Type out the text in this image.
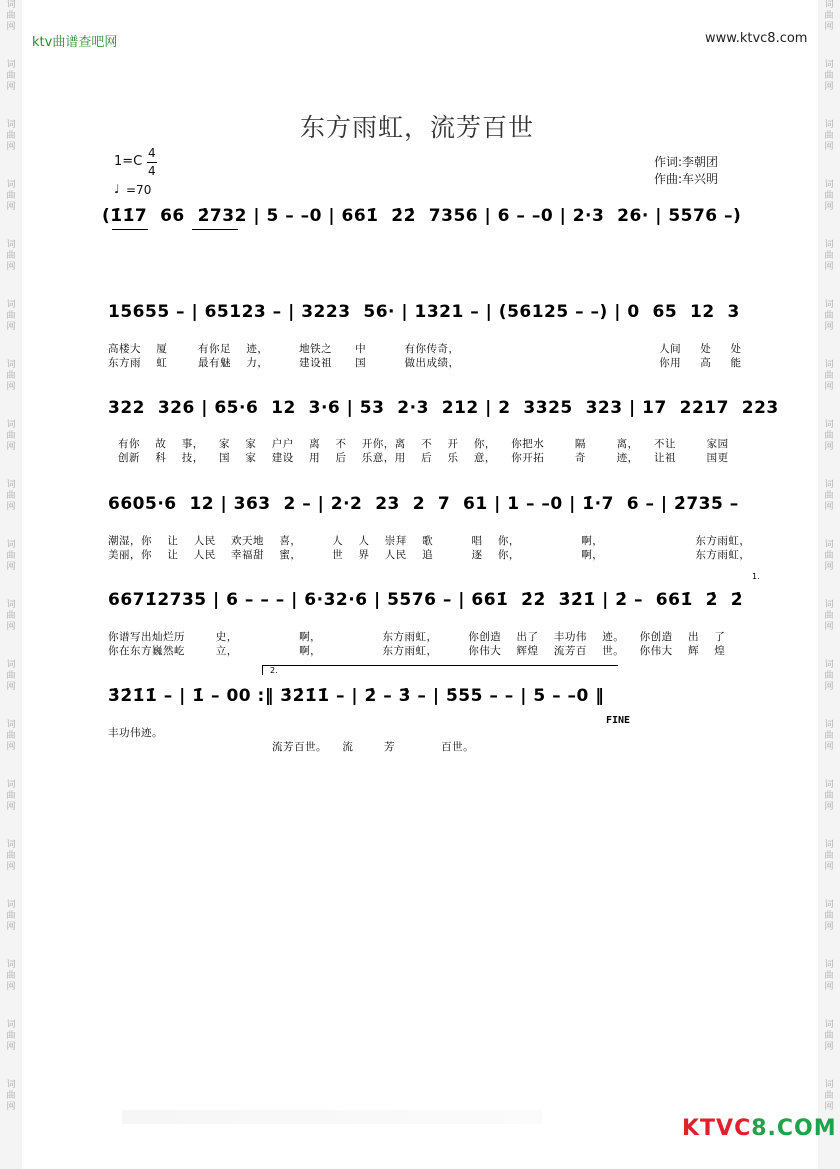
词
曲
网
词
曲
网
词
曲
网
词
曲
网
词
曲
网
词
曲
网
词
曲
网
词
曲
网
词
曲
网
词
曲
网
词
曲
网
词
曲
网
词
曲
网
词
曲
网
词
曲
网
词
曲
网
词
曲
网
词
曲
网
词
曲
网
词
曲
网
词
曲
网
词
曲
网
词
曲
网
词
曲
网
词
曲
网
词
曲
网
词
曲
网
词
曲
网
词
曲
网
词
曲
网
词
曲
网
词
曲
网
词
曲
网
词
曲
网
词
曲
网
词
曲
网
词
曲
网
词
曲
网
ktv曲谱查吧网	www.ktvc8.com
东方雨虹，流芳百世
1=C
4
4
♩ =70
作词:李朝团
作曲:车兴明
(1̇1̇7  66  2̇732 | 5 – –0 | 661̇  2̇2̇  7356 | 6 – –0 | 2·3  26· | 5576 –)
15655 – | 65123 – | 3223  56· | 1321 – | (56125 – –) | 0  65  12  3
高楼大    厦        有你足    迹，        地铁之      中          有你传奇，                                                    人间     处     处
东方雨    虹        最有魅    力，        建设祖      国          做出成绩，                                                    你用     高     能
322  326 | 65·6  12  3·6 | 53  2·3  212 | 2  3325  323 | 17  2217  223
有你    故    事，    家    家    户户    离    不    开你，离    不    开    你，    你把水        隔        离，    不让        家园
创新    科    技，    国    家    建设    用    后    乐意，用    后    乐    意，    你开拓        奇        迹，    让祖        国更
6605·6  12 | 363  2 – | 2·2  23  2  7  61 | 1 – –0 | 1̇·7  6 – | 2̇735 –
潮湿，你    让    人民    欢天地    喜，        人    人    崇拜    歌          唱    你，                啊，                        东方雨虹，
美丽，你    让    人民    幸福甜    蜜，        世    界    人民    追          逐    你，                啊，                        东方雨虹，
1.
6671̇2735 | 6 – – – | 6·32·6 | 5576 – | 661̇  2̇2̇  3̇2̇1̇ | 2̇ –  661̇  2̇  2̇
你谱写出灿烂历        史，                啊，                东方雨虹，        你创造    出了    丰功伟    迹。    你创造    出    了
你在东方巍然屹        立，                啊，                东方雨虹，        你伟大    辉煌    流芳百    世。    你伟大    辉    煌
2.
3̇2̇1̇1̇ – | 1̇ – 00 :‖ 3̇2̇1̇1̇ – | 2̇ – 3̇ – | 5̇55 – – | 5 – –0 ‖
FINE
丰功伟迹。
流芳百世。    流        芳            百世。
KTVC8.COM
